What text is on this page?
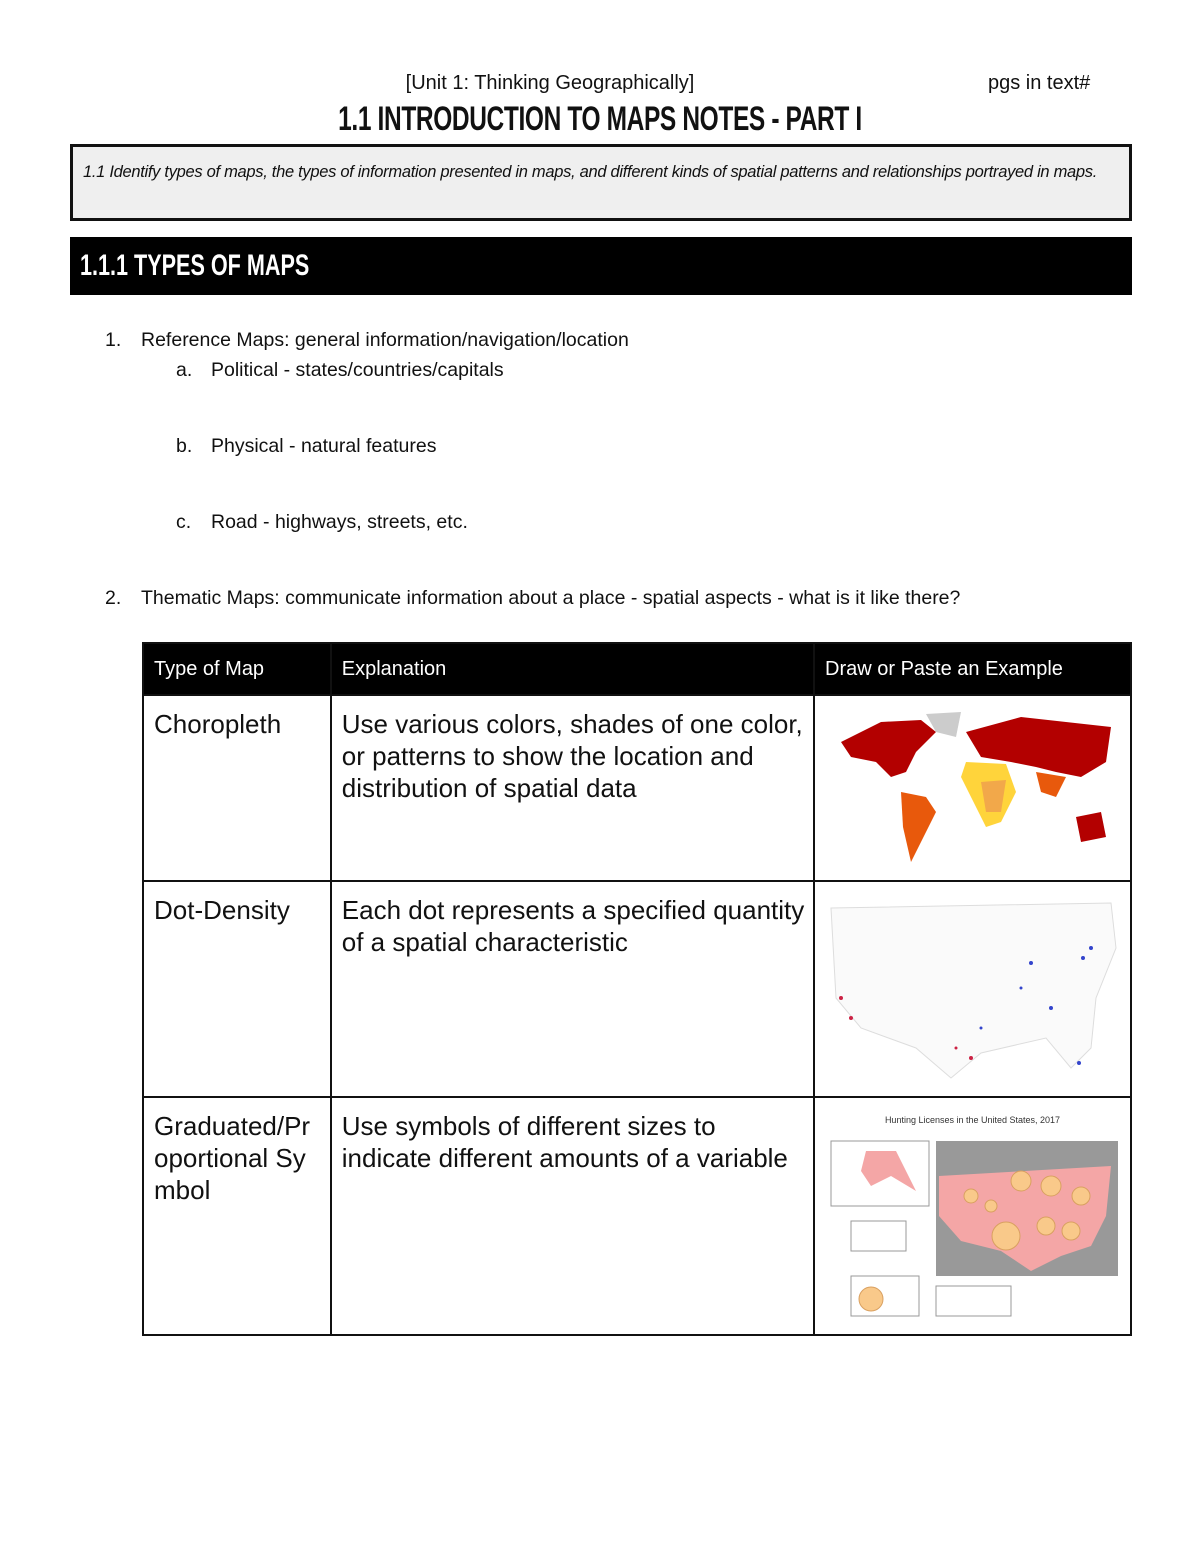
[Unit 1: Thinking Geographically]	pgs in text#
1.1 INTRODUCTION TO MAPS NOTES - PART I
1.1 Identify types of maps, the types of information presented in maps, and different kinds of spatial patterns and relationships portrayed in maps.
1.1.1 TYPES OF MAPS
1. Reference Maps: general information/navigation/location
a. Political - states/countries/capitals
b. Physical - natural features
c. Road - highways, streets, etc.
2. Thematic Maps: communicate information about a place - spatial aspects - what is it like there?
Type of Map	Explanation	Draw or Paste an Example
Choropleth	Use various colors, shades of one color, or patterns to show the location and distribution of spatial data	
Dot-Density	Each dot represents a specified quantity of a spatial characteristic	
Graduated/Proportional Symbol	Use symbols of different sizes to indicate different amounts of a variable	Hunting Licenses in the United States, 2017
